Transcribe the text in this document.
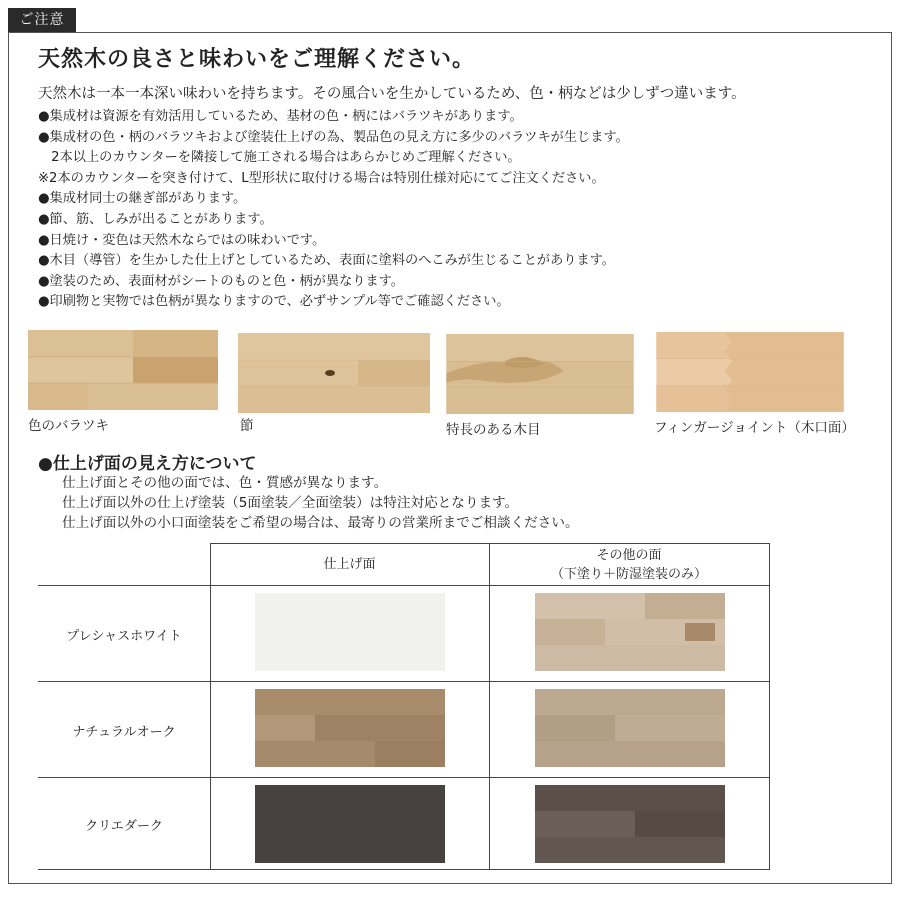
ご注意
天然木の良さと味わいをご理解ください。
天然木は一本一本深い味わいを持ちます。その風合いを生かしているため、色・柄などは少しずつ違います。
●集成材は資源を有効活用しているため、基材の色・柄にはバラツキがあります。
●集成材の色・柄のバラツキおよび塗装仕上げの為、製品色の見え方に多少のバラツキが生じます。
　2本以上のカウンターを隣接して施工される場合はあらかじめご理解ください。
※2本のカウンターを突き付けて、L型形状に取付ける場合は特別仕様対応にてご注文ください。
●集成材同士の継ぎ部があります。
●節、筋、しみが出ることがあります。
●日焼け・変色は天然木ならではの味わいです。
●木目（導管）を生かした仕上げとしているため、表面に塗料のへこみが生じることがあります。
●塗装のため、表面材がシートのものと色・柄が異なります。
●印刷物と実物では色柄が異なりますので、必ずサンプル等でご確認ください。
色のバラツキ	節	特長のある木目	フィンガージョイント（木口面）
●仕上げ面の見え方について
仕上げ面とその他の面では、色・質感が異なります。
仕上げ面以外の仕上げ塗装（5面塗装／全面塗装）は特注対応となります。
仕上げ面以外の小口面塗装をご希望の場合は、最寄りの営業所までご相談ください。
仕上げ面
その他の面
（下塗り＋防湿塗装のみ）
プレシャスホワイト
ナチュラルオーク
クリエダーク
